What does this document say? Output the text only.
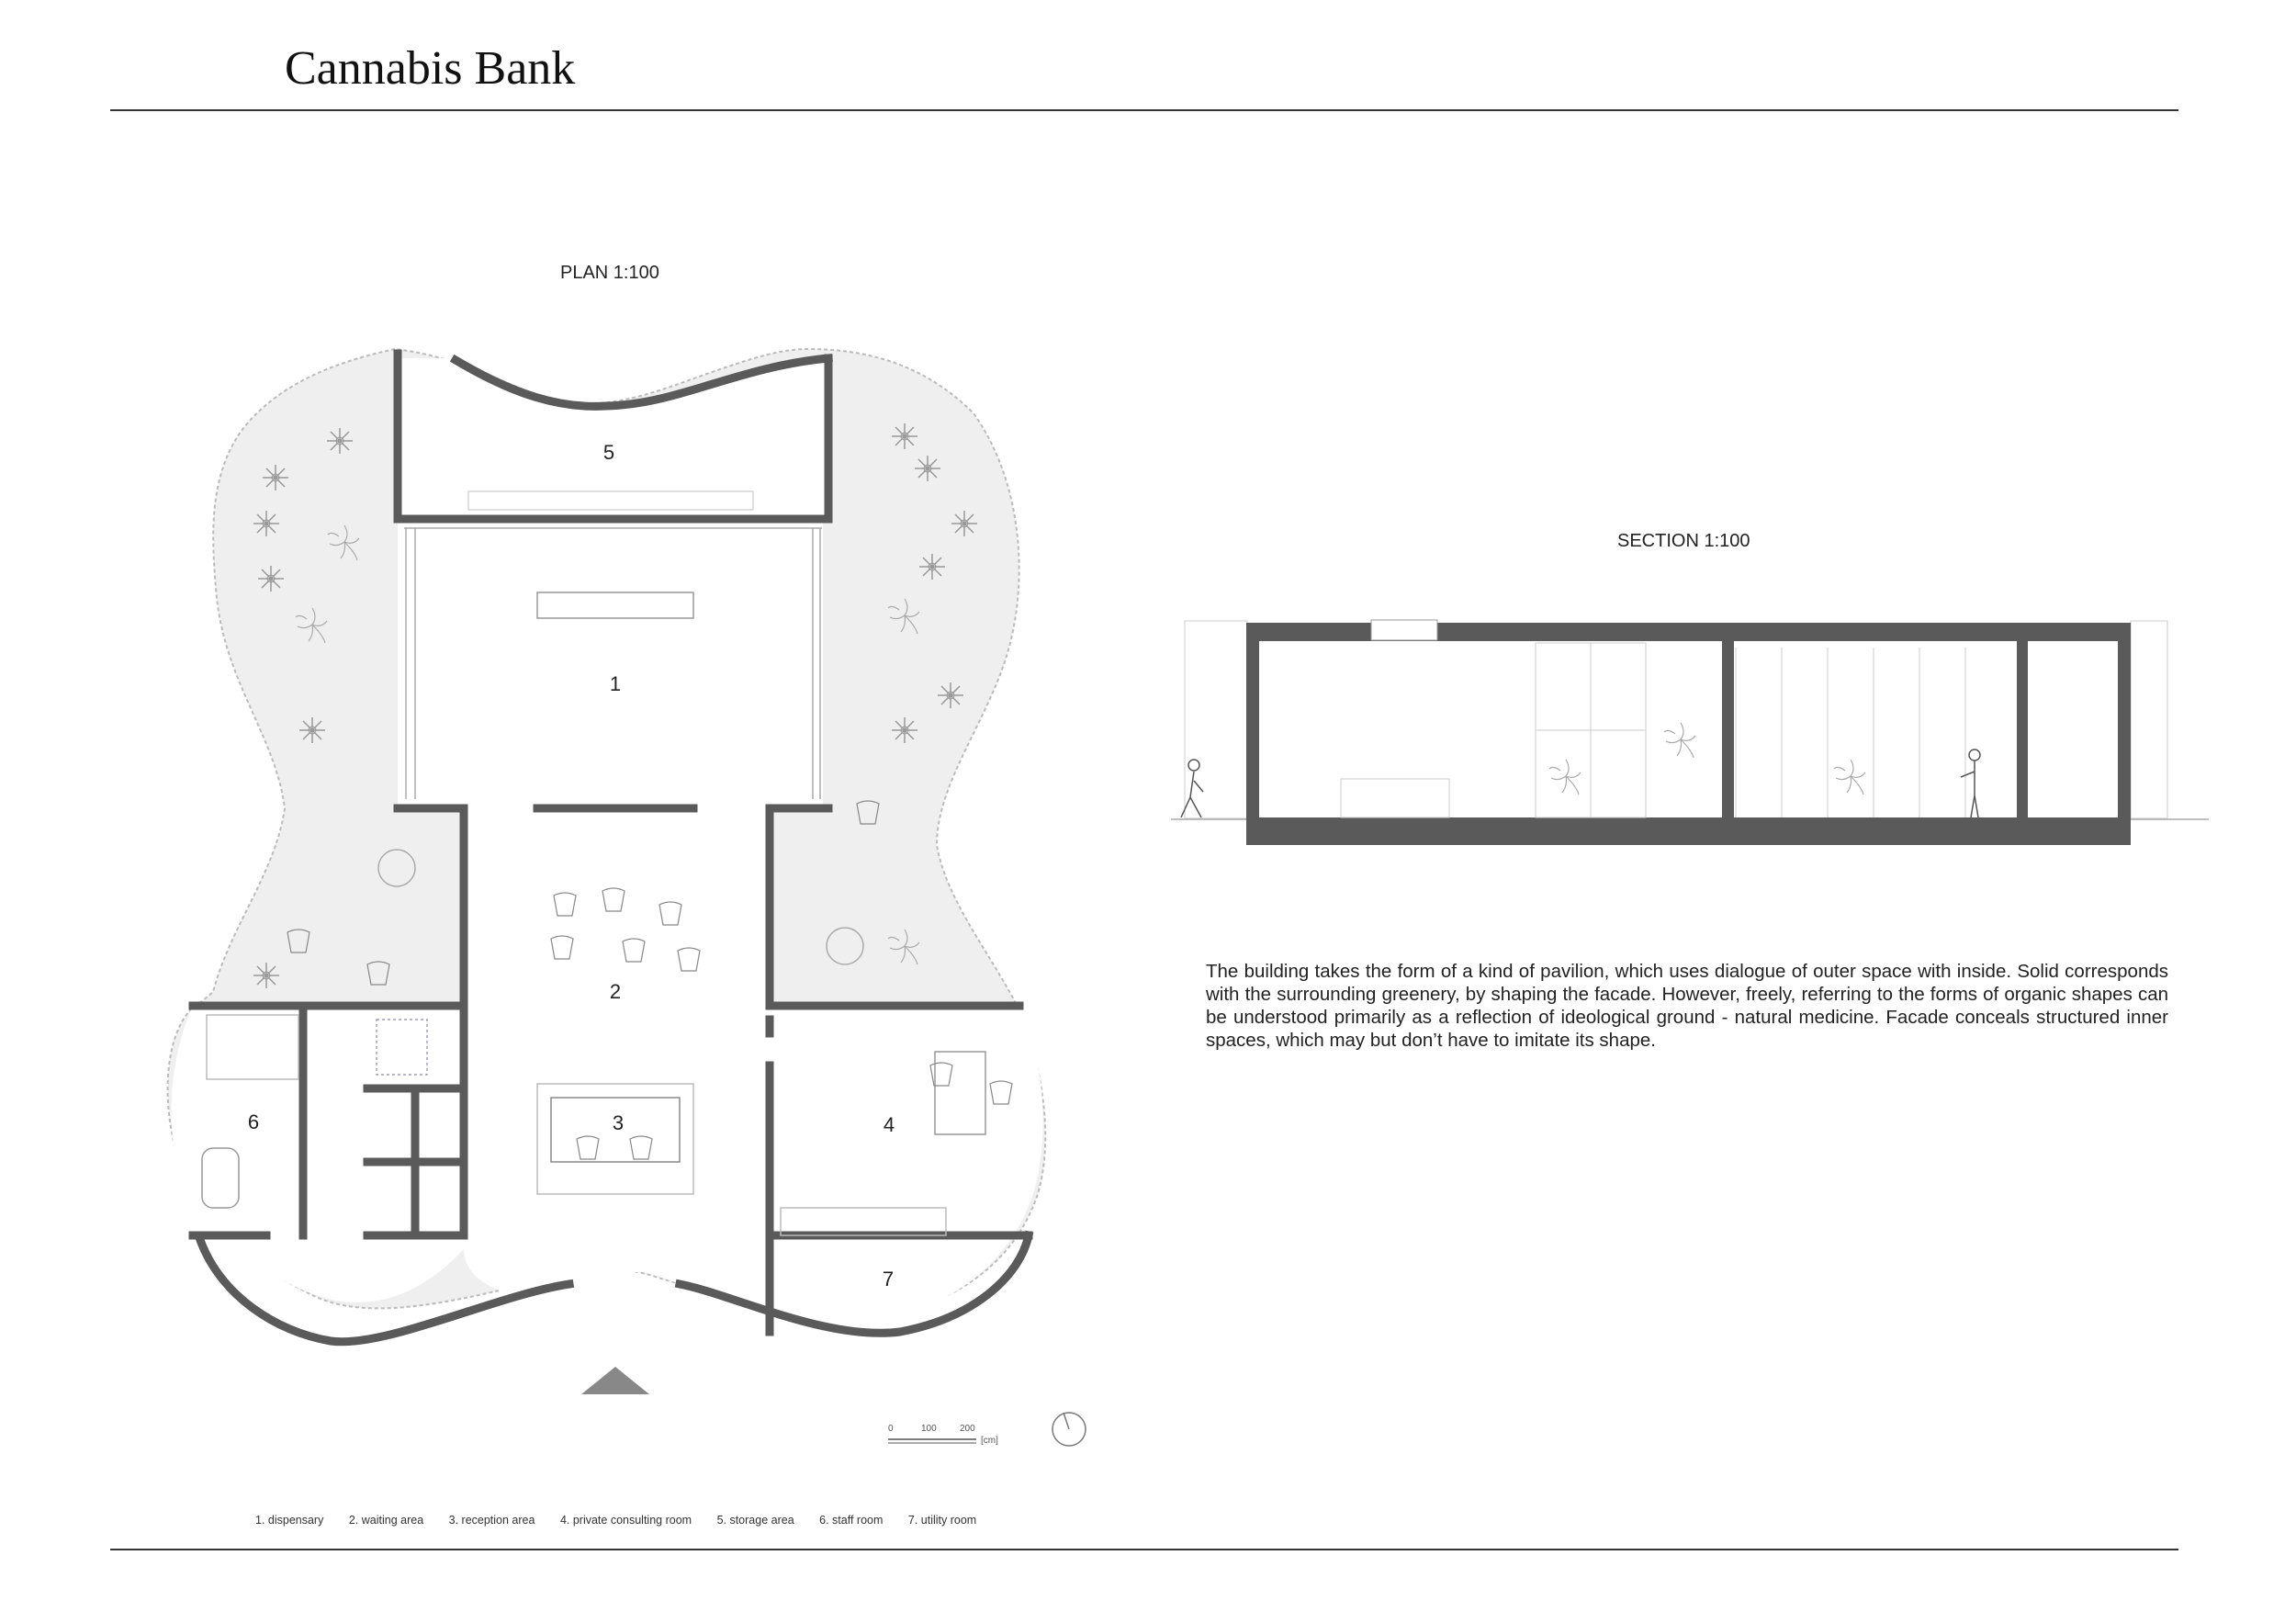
Cannabis Bank
PLAN 1:100
SECTION 1:100
5
1
2
3	4
6
7
0	100	200
[cm]
The building takes the form of a kind of pavilion, which uses dialogue of outer space with inside. Solid corresponds with the surrounding greenery, by shaping the facade. However, freely, referring to the forms of organic shapes can be understood primarily as a reflection of ideological ground - natural medicine. Facade conceals structured inner spaces, which may but don’t have to imitate its shape.
1. dispensary 2. waiting area 3. reception area 4. private consulting room 5. storage area 6. staff room 7. utility room
